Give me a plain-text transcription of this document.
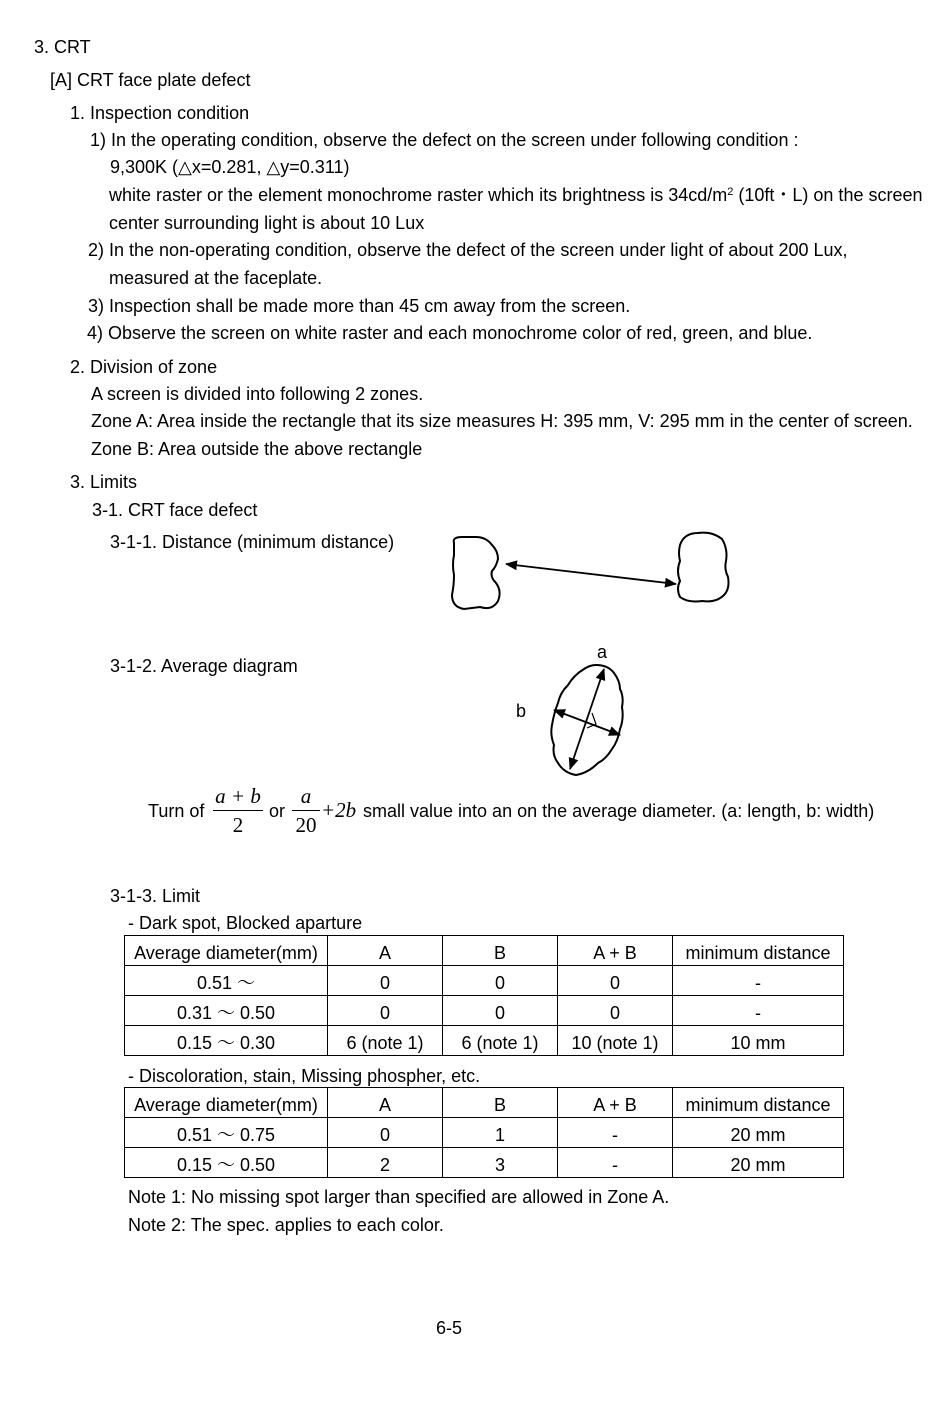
3. CRT
[A] CRT face plate defect
1. Inspection condition
1) In the operating condition, observe the defect on the screen under following condition :
9,300K (△x=0.281, △y=0.311)
white raster or the element monochrome raster which its brightness is $34cd/m^2$ (10ft・L) on the screen
center surrounding light is about 10 Lux
2) In the non-operating condition, observe the defect of the screen under light of about 200 Lux,
measured at the faceplate.
3) Inspection shall be made more than 45 cm away from the screen.
4) Observe the screen on white raster and each monochrome color of red, green, and blue.
2. Division of zone
A screen is divided into following 2 zones.
Zone A: Area inside the rectangle that its size measures H: 395 mm, V: 295 mm in the center of screen.
Zone B: Area outside the above rectangle
3. Limits
3-1. CRT face defect
3-1-1. Distance (minimum distance)
3-1-2. Average diagram
a
b
Turn of
a + b
2
or
a
20
+2b small value into an on the average diameter. (a: length, b: width)
3-1-3. Limit
- Dark spot, Blocked aparture
Average diameter(mm)	A	B	A + B	minimum distance
0.51 ～	0	0	0	-
0.31 ～ 0.50	0	0	0	-
0.15 ～ 0.30	6 (note 1)	6 (note 1)	10 (note 1)	10 mm
- Discoloration, stain, Missing phospher, etc.
Average diameter(mm)	A	B	A + B	minimum distance
0.51 ～ 0.75	0	1	-	20 mm
0.15 ～ 0.50	2	3	-	20 mm
Note 1: No missing spot larger than specified are allowed in Zone A.
Note 2: The spec. applies to each color.
6-5
